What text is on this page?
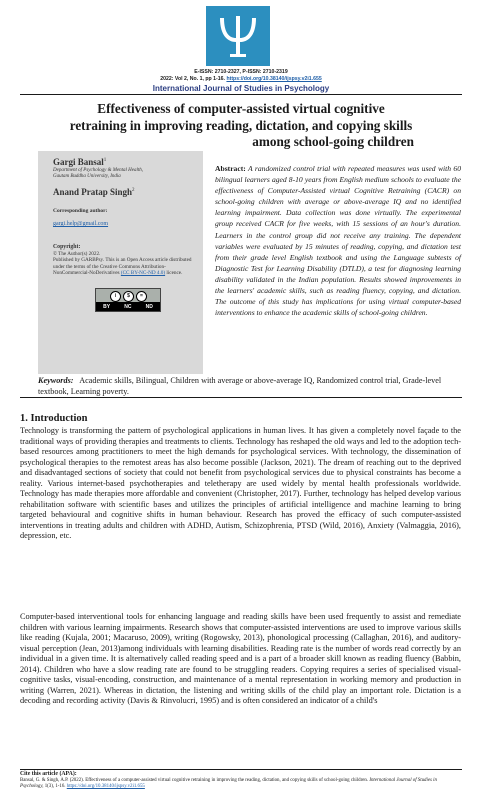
E-ISSN: 2710-2327, P-ISSN: 2710-2319
2022: Vol 2, No. 1, pp 1-16. https://doi.org/10.38140/ijspsy.v2i1.655
International Journal of Studies in Psychology
Effectiveness of computer-assisted virtual cognitive
retraining in improving reading, dictation, and copying skills
among school-going children
Gargi Bansal$^1$
Department of Psychology & Mental Health,
Gautam Buddha University, India
Anand Pratap Singh$^2$
Corresponding author:
gargi.help@gmail.com
Copyright:
© The Author(s) 2022.
Published by GARBPsy. This is an Open Access article distributed under the terms of the Creative Commons Attribution-NonCommercial-NoDerivatives (CC BY-NC-ND 4.0) licence.
i	$	=
BY	NC	ND
Abstract: A randomized control trial with repeated measures was used with 60 bilingual learners aged 8-10 years from English medium schools to evaluate the effectiveness of Computer-Assisted virtual Cognitive Retraining (CACR) on school-going children with average or above-average IQ and no identified learning impairment. Data collection was done virtually. The experimental group received CACR for five weeks, with 15 sessions of an hour's duration. Learners in the control group did not receive any training. The dependent variables were evaluated by 15 minutes of reading, copying, and dictation test from their grade level English textbook and using the Language subtests of Diagnostic Test for Learning Disability (DTLD), a test for diagnosing learning disability validated in the Indian population. Results showed improvements in the learners' academic skills, such as reading fluency, copying, and dictation. The outcome of this study has implications for using virtual computer-based interventions to enhance the academic skills of school-going children.
Keywords: Academic skills, Bilingual, Children with average or above-average IQ, Randomized control trial, Grade-level textbook, Learning poverty.
1. Introduction
Technology is transforming the pattern of psychological applications in human lives. It has given a completely novel façade to the traditional ways of providing therapies and treatments to clients. Technology has reshaped the old ways and led to the adoption tech-based resources among practitioners to meet the high demands for psychological services. With technology, the dissemination of psychological therapies to the remotest areas has also become possible (Jackson, 2021). The dream of reaching out to the deprived and disadvantaged sections of society that could not benefit from psychological services due to physical constraints has become a reality. Various internet-based psychotherapies and teletherapy are used widely by mental health professionals worldwide. Technology has made therapies more affordable and convenient (Christopher, 2017). Further, technology has helped develop various rehabilitation software with scientific bases and utilizes the principles of artificial intelligence and machine learning to bring targeted behavioural and cognitive shifts in human behaviour. Research has proved the efficacy of such computer-assisted interventions in treating adults and children with ADHD, Autism, Schizophrenia, PTSD (Wild, 2016), Anxiety (Valmaggia, 2016), depression, etc.
Computer-based interventional tools for enhancing language and reading skills have been used frequently to assist and remediate children with various learning impairments. Research shows that computer-assisted interventions are used to improve various skills like reading (Kujala, 2001; Macaruso, 2009), writing (Rogowsky, 2013), phonological processing (Callaghan, 2016), and auditory-visual perception (Jean, 2013)among individuals with learning disabilities. Reading rate is the number of words read correctly by an individual in a given time. It is alternatively called reading speed and is a part of a broader skill known as reading fluency (Babbin, 2014). Children who have a slow reading rate are found to be struggling readers. Copying requires a series of specialised visual-cognitive tasks, visual-encoding, construction, and maintenance of a mental representation in working memory and production in writing (Warren, 2021). Whereas in dictation, the listening and writing skills of the child play an important role. Dictation is a decoding and recording activity (Davis & Rinvolucri, 1995) and is often considered an indicator of a child's
Cite this article (APA):
Bansal, G. & Singh, A.P. (2022). Effectiveness of a computer-assisted virtual cognitive retraining in improving the reading, dictation, and copying skills of school-going children. International Journal of Studies in Psychology, 1(3), 1-16. https://doi.org/10.38140/ijspsy.v2i1.655
